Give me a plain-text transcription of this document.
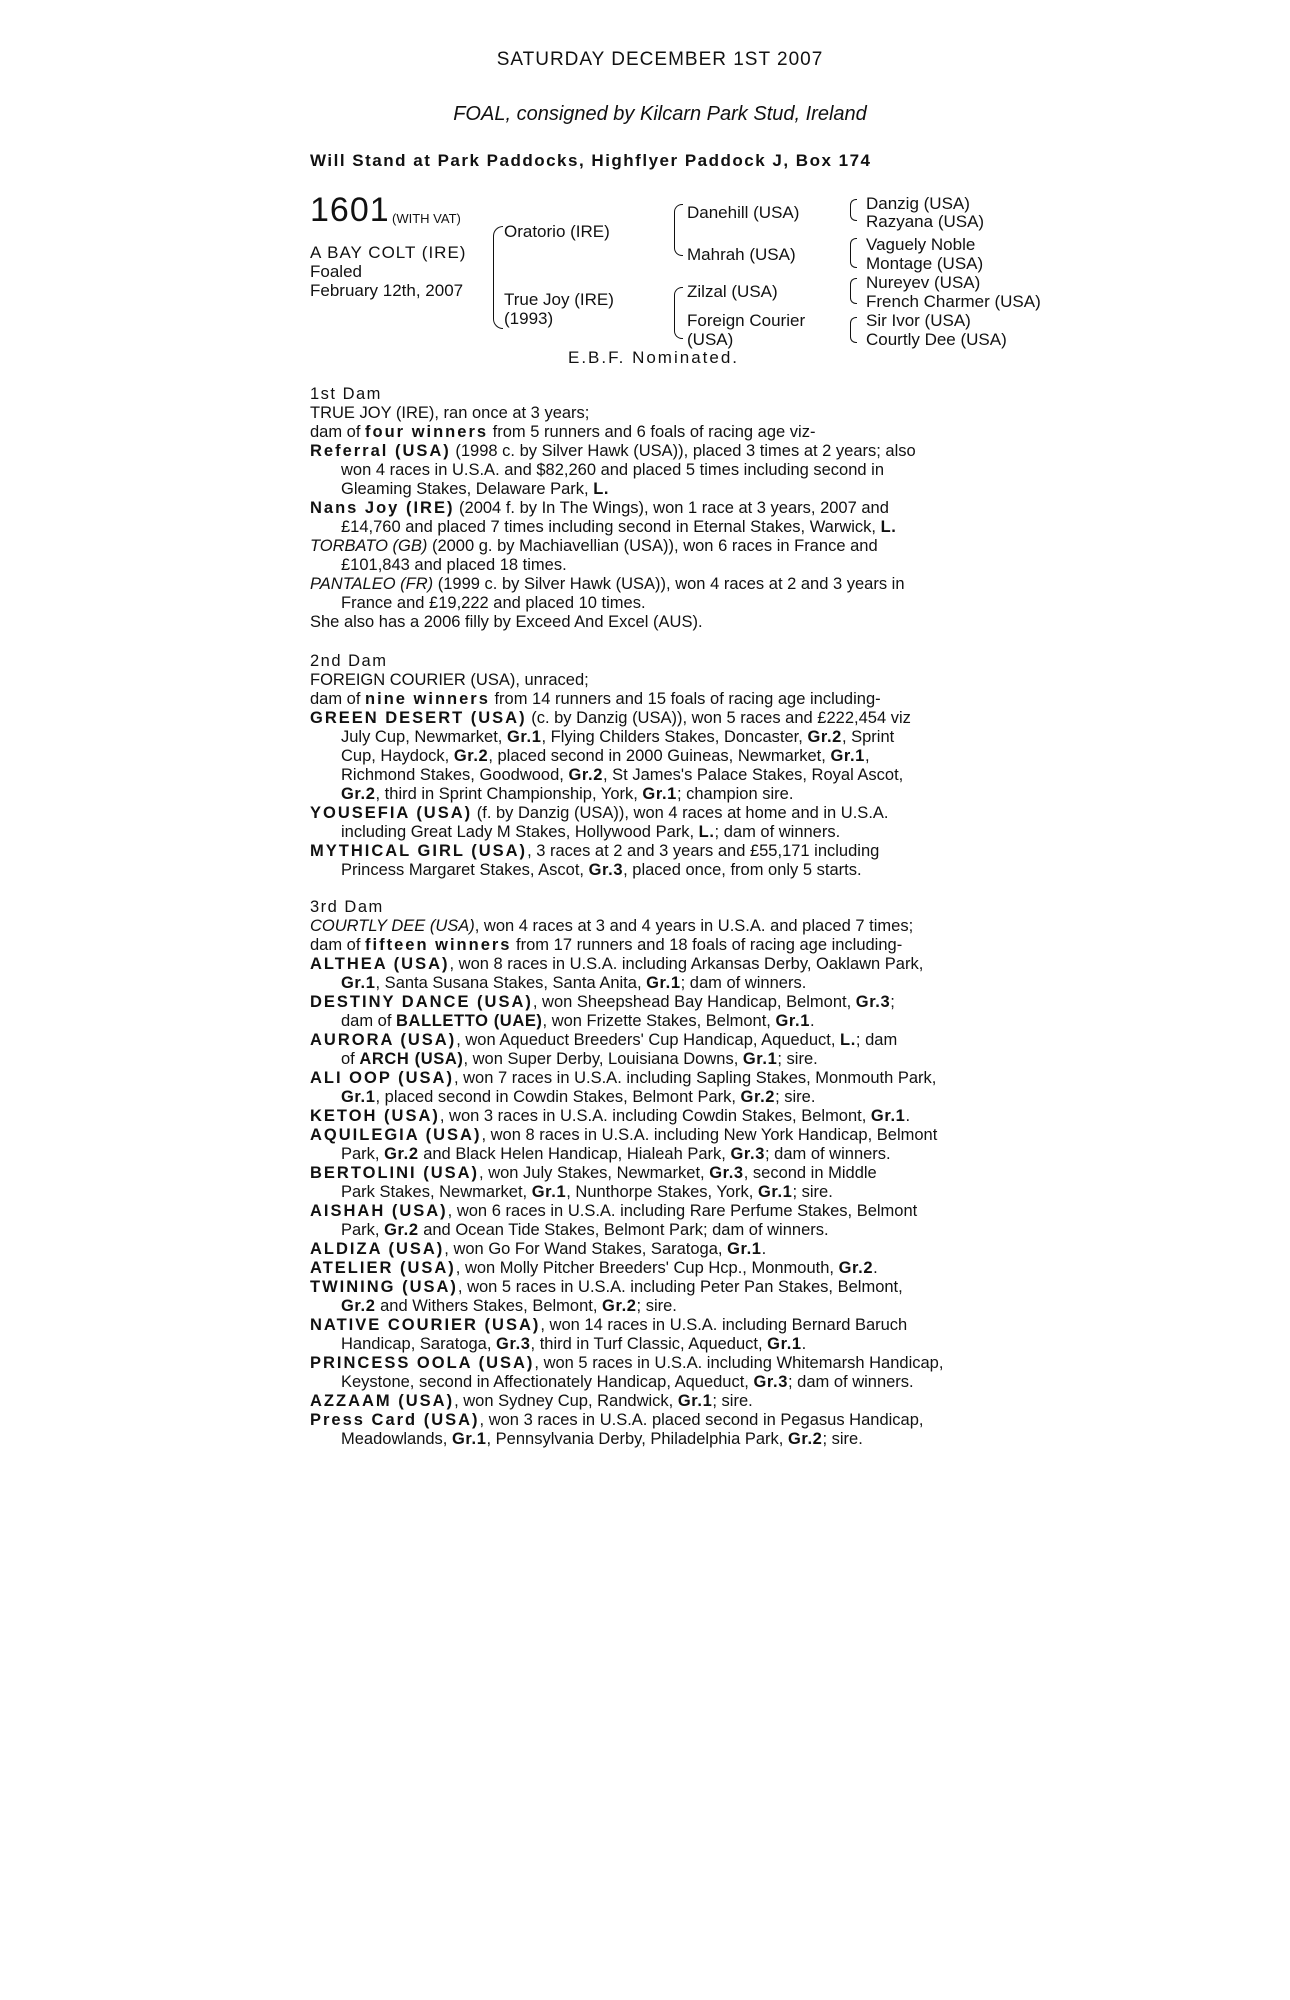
SATURDAY DECEMBER 1ST 2007
FOAL, consigned by Kilcarn Park Stud, Ireland
Will Stand at Park Paddocks, Highflyer Paddock J, Box 174
1601 (WITH VAT)
A BAY COLT (IRE)
Foaled
February 12th, 2007
Oratorio (IRE)
True Joy (IRE)
(1993)
Danehill (USA)
Mahrah (USA)
Zilzal (USA)
Foreign Courier
(USA)
Danzig (USA)
Razyana (USA)
Vaguely Noble
Montage (USA)
Nureyev (USA)
French Charmer (USA)
Sir Ivor (USA)
Courtly Dee (USA)
E.B.F. Nominated.

1st Dam

TRUE JOY (IRE), ran once at 3 years;

dam of four winners from 5 runners and 6 foals of racing age viz-

Referral (USA) (1998 c. by Silver Hawk (USA)), placed 3 times at 2 years; also
won 4 races in U.S.A. and $82,260 and placed 5 times including second in
Gleaming Stakes, Delaware Park, L.

Nans Joy (IRE) (2004 f. by In The Wings), won 1 race at 3 years, 2007 and
£14,760 and placed 7 times including second in Eternal Stakes, Warwick, L.

TORBATO (GB) (2000 g. by Machiavellian (USA)), won 6 races in France and
£101,843 and placed 18 times.

PANTALEO (FR) (1999 c. by Silver Hawk (USA)), won 4 races at 2 and 3 years in
France and £19,222 and placed 10 times.

She also has a 2006 filly by Exceed And Excel (AUS).

2nd Dam

FOREIGN COURIER (USA), unraced;

dam of nine winners from 14 runners and 15 foals of racing age including-

GREEN DESERT (USA) (c. by Danzig (USA)), won 5 races and £222,454 viz
July Cup, Newmarket, Gr.1, Flying Childers Stakes, Doncaster, Gr.2, Sprint
Cup, Haydock, Gr.2, placed second in 2000 Guineas, Newmarket, Gr.1,
Richmond Stakes, Goodwood, Gr.2, St James's Palace Stakes, Royal Ascot,
Gr.2, third in Sprint Championship, York, Gr.1; champion sire.

YOUSEFIA (USA) (f. by Danzig (USA)), won 4 races at home and in U.S.A.
including Great Lady M Stakes, Hollywood Park, L.; dam of winners.

MYTHICAL GIRL (USA), 3 races at 2 and 3 years and £55,171 including
Princess Margaret Stakes, Ascot, Gr.3, placed once, from only 5 starts.

3rd Dam

COURTLY DEE (USA), won 4 races at 3 and 4 years in U.S.A. and placed 7 times;

dam of fifteen winners from 17 runners and 18 foals of racing age including-

ALTHEA (USA), won 8 races in U.S.A. including Arkansas Derby, Oaklawn Park,
Gr.1, Santa Susana Stakes, Santa Anita, Gr.1; dam of winners.

DESTINY DANCE (USA), won Sheepshead Bay Handicap, Belmont, Gr.3;
dam of BALLETTO (UAE), won Frizette Stakes, Belmont, Gr.1.

AURORA (USA), won Aqueduct Breeders' Cup Handicap, Aqueduct, L.; dam
of ARCH (USA), won Super Derby, Louisiana Downs, Gr.1; sire.

ALI OOP (USA), won 7 races in U.S.A. including Sapling Stakes, Monmouth Park,
Gr.1, placed second in Cowdin Stakes, Belmont Park, Gr.2; sire.

KETOH (USA), won 3 races in U.S.A. including Cowdin Stakes, Belmont, Gr.1.

AQUILEGIA (USA), won 8 races in U.S.A. including New York Handicap, Belmont
Park, Gr.2 and Black Helen Handicap, Hialeah Park, Gr.3; dam of winners.

BERTOLINI (USA), won July Stakes, Newmarket, Gr.3, second in Middle
Park Stakes, Newmarket, Gr.1, Nunthorpe Stakes, York, Gr.1; sire.

AISHAH (USA), won 6 races in U.S.A. including Rare Perfume Stakes, Belmont
Park, Gr.2 and Ocean Tide Stakes, Belmont Park; dam of winners.

ALDIZA (USA), won Go For Wand Stakes, Saratoga, Gr.1.

ATELIER (USA), won Molly Pitcher Breeders' Cup Hcp., Monmouth, Gr.2.

TWINING (USA), won 5 races in U.S.A. including Peter Pan Stakes, Belmont,
Gr.2 and Withers Stakes, Belmont, Gr.2; sire.

NATIVE COURIER (USA), won 14 races in U.S.A. including Bernard Baruch
Handicap, Saratoga, Gr.3, third in Turf Classic, Aqueduct, Gr.1.

PRINCESS OOLA (USA), won 5 races in U.S.A. including Whitemarsh Handicap,
Keystone, second in Affectionately Handicap, Aqueduct, Gr.3; dam of winners.

AZZAAM (USA), won Sydney Cup, Randwick, Gr.1; sire.

Press Card (USA), won 3 races in U.S.A. placed second in Pegasus Handicap,
Meadowlands, Gr.1, Pennsylvania Derby, Philadelphia Park, Gr.2; sire.
